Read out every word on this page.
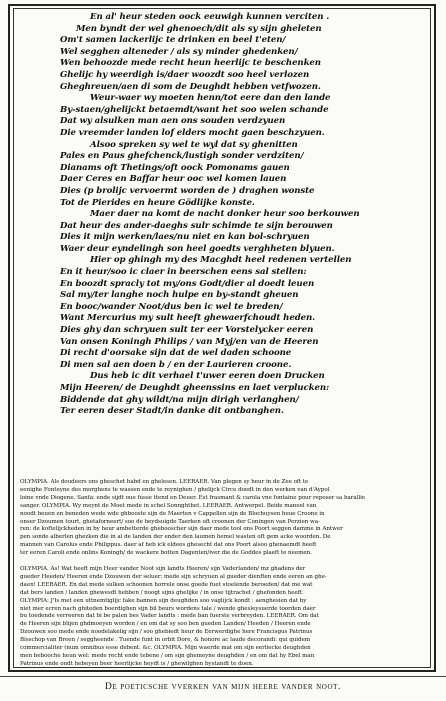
En al' heur steden oock eeuwigh kunnen verciten .
Men byndt der wel ghenoech/dit als sy sijn gheleten
Om't samen lackerlijc te drinken en beel t'eten/
Wel segghen alteneder / als sy minder ghedenken/
Wen behoozde mede recht heun heerlijc te beschenken
Ghelijc hy weerdigh is/daer woozdt soo heel verlozen
Gheghreuen/aen di som de Deughdt hebben vetfwozen.
Weur-waer wy moeten henn/tot eere dan den lande
By-staen/ghelijckt betaemdt/want het soo welen schande
Dat wy alsulken man aen ons souden verdzyuen
Die vreemder landen lof elders mocht gaen beschzyuen.
Alsoo spreken sy wel te wyl dat sy ghenitten
Pales en Paus ghefchenck/lustigh sonder verdziten/
Dianams oft Thetings/oft oock Pomonams gauen
Daer Ceres en Baffar heur ooc wel komen lauen
Dies (p brolijc vervoermt worden de ) draghen wonste
Tot de Pierides en heure Gödlijke konste.
Maer daer na komt de nacht donker heur soo berkouwen
Dat heur des ander-daeghs sulr schimde te sijn berouwen
Dies it mijn werken/laes/nu niet en kan bol-schryuen
Waer deur eyndelingh son heel goedts verghheten blyuen.
Hier op ghingh my des Macghdt heel redenen vertellen
En it heur/soo ic claer in beerschen eens sal stellen:
En boozdt spracly tot my/ons Godt/dier al doedt leuen
Sal my/ter langhe noch hulpe en by-standt gheuen
En booc/wander Noot/dus ben ic wel te breden/
Want Mercurius my sult heeft ghewaerfchoudt heden.
Dies ghy dan schryuen sult ter eer Vorstelycker eeren
Van onsen Koningh Philips / van Myj/en van de Heeren
Di recht d'oorsake sijn dat de wel daden schoone
Di men sal aen doen b / en der Laurieren croone.
Dus heb ic dit verhael t'uwer eeren doen Drucken
Mijn Heeren/ de Deughdt gheenssins en laet verplucken:
Biddende dat ghy wildt/na mijn dirigh verlanghen/
Ter eeren deser Stadt/in danke dit ontbanghen.
OLYMPIA. Als doudeers ons gheschet habd en ghelesen. LEERAER. Van plegen sy heur in de Zee oft te
eenighe Fonteyne des morghens te wassen ende te reynighen / ghelijck Circe doedt in den werken van d'Aypol
loine vnde Diogene. Sanfa: ende sijdt oue fusse ttend en Deuer. Est frasmant & carola vne fontaine pour reposer sa barallie
sanger. OLYMPIA. Wy meynt de Moet mede in schel Sonnghthet. LEERAER. Antwerpel. Beide maneel van
noodt beuen en beneden wede wde ghbooste sijn de Maerten v Cappellen sijn de Blochuysen heue Croone in
onser Dzoumen tourt, ghetaforneert/ soo de heydsuigde Taerken oft croonen der Coningen van Perzien wa-
ren: de koftelijckheden in by heur ambetterde ghebooscher sijn daer mede tool ons Poort seggen damme in Antwer
pen sonde alberlen ghezken die in al de landen der ender den laumen hemel wasten oft gem acke woorden. De
mannen van Carolus ende Philippus. daer af heb ick eldees ghesecht dat ons Poort alsoo ghenaemdt heeft
ter eeren Caroli ende onlins Koningh/ de wackere botten Dagenten/iver die de Goddes plaeft te neemen.
OLYMPIA. As! Wat heeft mijn Heer vander Noot sijn landts Heeren/ sijn Vaderlanden/ mz ghadens der
gueder Heeden/ Heeren ende Dzouwen der seluer: mede sijn schryuen al gueder dienften ende eeren an ghe-
daen! LEERAER. En dat mede sulken schoonen horrele onse goede fuet stoelende beroeden/ dat mé wat
dat bers landen / landen ghewesdt hebben / noogt sijns ghelijke / in onse tijtrachet / ghefonden heeft.
OLYMPIA: J'Is met een uttnemtiglijc fake bannen sijn deughden soo vaglijck kondt : aenghesien dat hy
niet mer ecren nach ghiteden boerdighen sijn bil beurs wordens tale / wende ghesleysuerde toorden daer
bu toedende verreeren dat bi be palen bes Vader landts : mede ban fuerste verbreyden. LEERAER. Om dat
de Heeren sijn blijen ghdmoeyen worden / en om dat sy soo ben gueden Landen/ Heeden / Heeren ende
Dzouwen soo mede ende noodelakelig sijn / soo ghebiedt heur de Eerwerdighe here Francisgus Patrinus
Bisschop van Breen / seggheende . Tuende funt in orbit Dore, & honore ac laude decorandi: qui quidem
commercialiter (num omnibus esse debent. &c. OLYMPIA. Mijn waerde mat om sijn eerliecke deughden
men bebooche heun wel: mede recht ende tebene / om sijn ghemeyne deughden / en om dat hy Ebel man
Patrinus ende ondt hebeyen beer heerlijcke heydt is / ghewilghen bystandt te doen.
De poeticsche vverken van mijn heere vander noot.
